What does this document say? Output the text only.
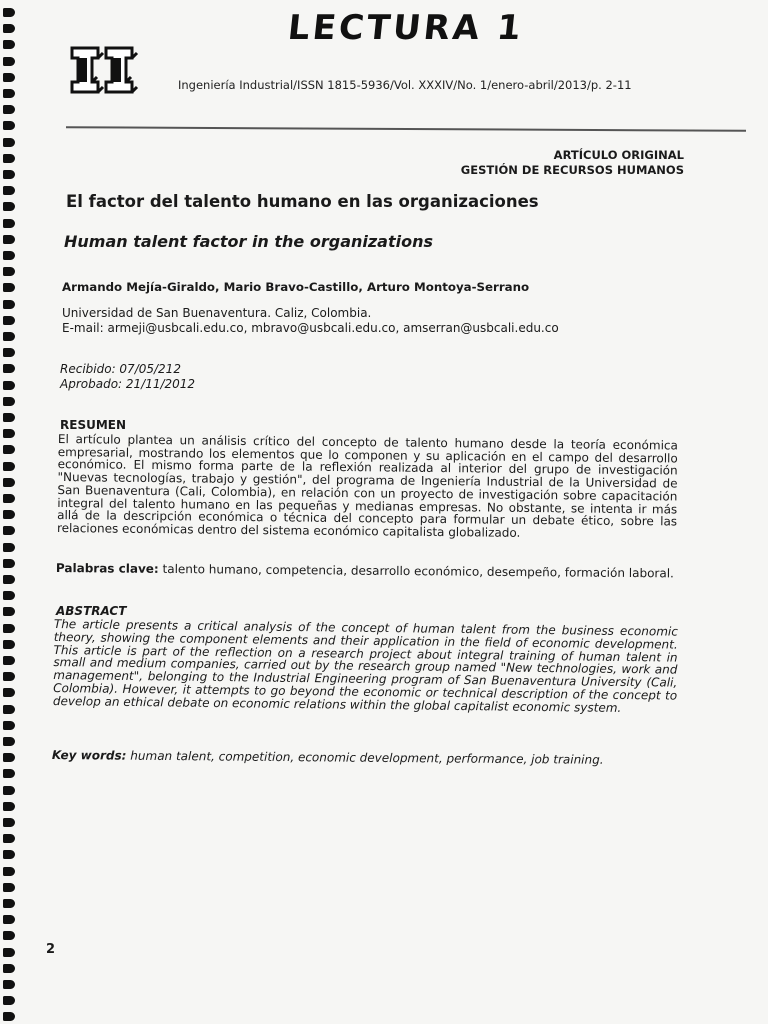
LECTURA 1
Ingeniería Industrial/ISSN 1815-5936/Vol. XXXIV/No. 1/enero-abril/2013/p. 2-11
ARTÍCULO ORIGINAL
GESTIÓN DE RECURSOS HUMANOS
El factor del talento humano en las organizaciones
Human talent factor in the organizations
Armando Mejía-Giraldo, Mario Bravo-Castillo, Arturo Montoya-Serrano
Universidad de San Buenaventura. Caliz, Colombia.
E-mail: armeji@usbcali.edu.co, mbravo@usbcali.edu.co, amserran@usbcali.edu.co
Recibido: 07/05/212
Aprobado: 21/11/2012
RESUMEN
El artículo plantea un análisis crítico del concepto de talento humano desde la teoría económica empresarial, mostrando los elementos que lo componen y su aplicación en el campo del desarrollo económico. El mismo forma parte de la reflexión realizada al interior del grupo de investigación "Nuevas tecnologías, trabajo y gestión", del programa de Ingeniería Industrial de la Universidad de San Buenaventura (Cali, Colombia), en relación con un proyecto de investigación sobre capacitación integral del talento humano en las pequeñas y medianas empresas. No obstante, se intenta ir más allá de la descripción económica o técnica del concepto para formular un debate ético, sobre las relaciones económicas dentro del sistema económico capitalista globalizado.
Palabras clave: talento humano, competencia, desarrollo económico, desempeño, formación laboral.
ABSTRACT
The article presents a critical analysis of the concept of human talent from the business economic theory, showing the component elements and their application in the field of economic development. This article is part of the reflection on a research project about integral training of human talent in small and medium companies, carried out by the research group named "New technologies, work and management", belonging to the Industrial Engineering program of San Buenaventura University (Cali, Colombia). However, it attempts to go beyond the economic or technical description of the concept to develop an ethical debate on economic relations within the global capitalist economic system.
Key words: human talent, competition, economic development, performance, job training.
2
